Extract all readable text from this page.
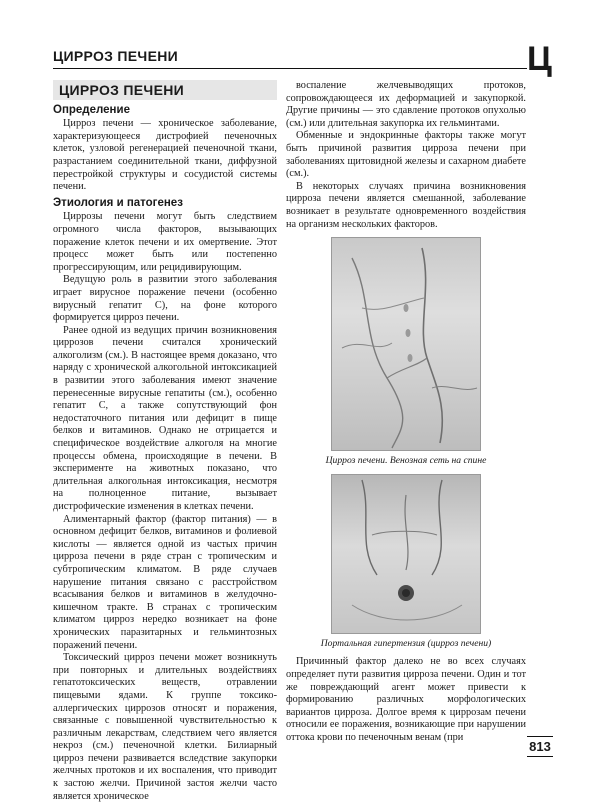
ЦИРРОЗ ПЕЧЕНИ	Ц
ЦИРРОЗ ПЕЧЕНИ
Определение

Цирроз печени — хроническое заболевание, характеризующееся дистрофией печеночных клеток, узловой регенерацией печеночной ткани, разрастанием соединительной ткани, диффузной перестройкой структуры и сосудистой системы печени.

Этиология и патогенез

Циррозы печени могут быть следствием огромного числа факторов, вызывающих поражение клеток печени и их омертвение. Этот процесс может быть или постепенно прогрессирующим, или рецидивирующим.

Ведущую роль в развитии этого заболевания играет вирусное поражение печени (особенно вирусный гепатит С), на фоне которого формируется цирроз печени.

Ранее одной из ведущих причин возникновения циррозов печени считался хронический алкоголизм (см.). В настоящее время доказано, что наряду с хронической алкогольной интоксикацией в развитии этого заболевания имеют значение перенесенные вирусные гепатиты (см.), особенно гепатит С, а также сопутствующий фон недостаточного питания или дефицит в пище белков и витаминов. Однако не отрицается и специфическое воздействие алкоголя на многие процессы обмена, происходящие в печени. В эксперименте на животных показано, что длительная алкогольная интоксикация, несмотря на полноценное питание, вызывает дистрофические изменения в клетках печени.

Алиментарный фактор (фактор питания) — в основном дефицит белков, витаминов и фолиевой кислоты — является одной из частых причин цирроза печени в ряде стран с тропическим и субтропическим климатом. В ряде случаев нарушение питания связано с расстройством всасывания белков и витаминов в желудочно-кишечном тракте. В странах с тропическим климатом цирроз нередко возникает на фоне хронических паразитарных и гельминтозных поражений печени.

Токсический цирроз печени может возникнуть при повторных и длительных воздействиях гепатотоксических веществ, отравлении пищевыми ядами. К группе токсико-аллергических циррозов относят и поражения, связанные с повышенной чувствительностью к различным лекарствам, следствием чего является некроз (см.) печеночной клетки. Билиарный цирроз печени развивается вследствие закупорки желчных протоков и их воспаления, что приводит к застою желчи. Причиной застоя желчи часто является хроническое

воспаление желчевыводящих протоков, сопровождающееся их деформацией и закупоркой. Другие причины — это сдавление протоков опухолью (см.) или длительная закупорка их гельминтами.

Обменные и эндокринные факторы также могут быть причиной развития цирроза печени при заболеваниях щитовидной железы и сахарном диабете (см.).

В некоторых случаях причина возникновения цирроза печени является смешанной, заболевание возникает в результате одновременного воздействия на организм нескольких факторов.

Цирроз печени. Венозная сеть на спине
Портальная гипертензия (цирроз печени)

Причинный фактор далеко не во всех случаях определяет пути развития цирроза печени. Один и тот же повреждающий агент может привести к формированию различных морфологических вариантов цирроза. Долгое время к циррозам печени относили ее поражения, возникающие при нарушении оттока крови по печеночным венам (при

813
